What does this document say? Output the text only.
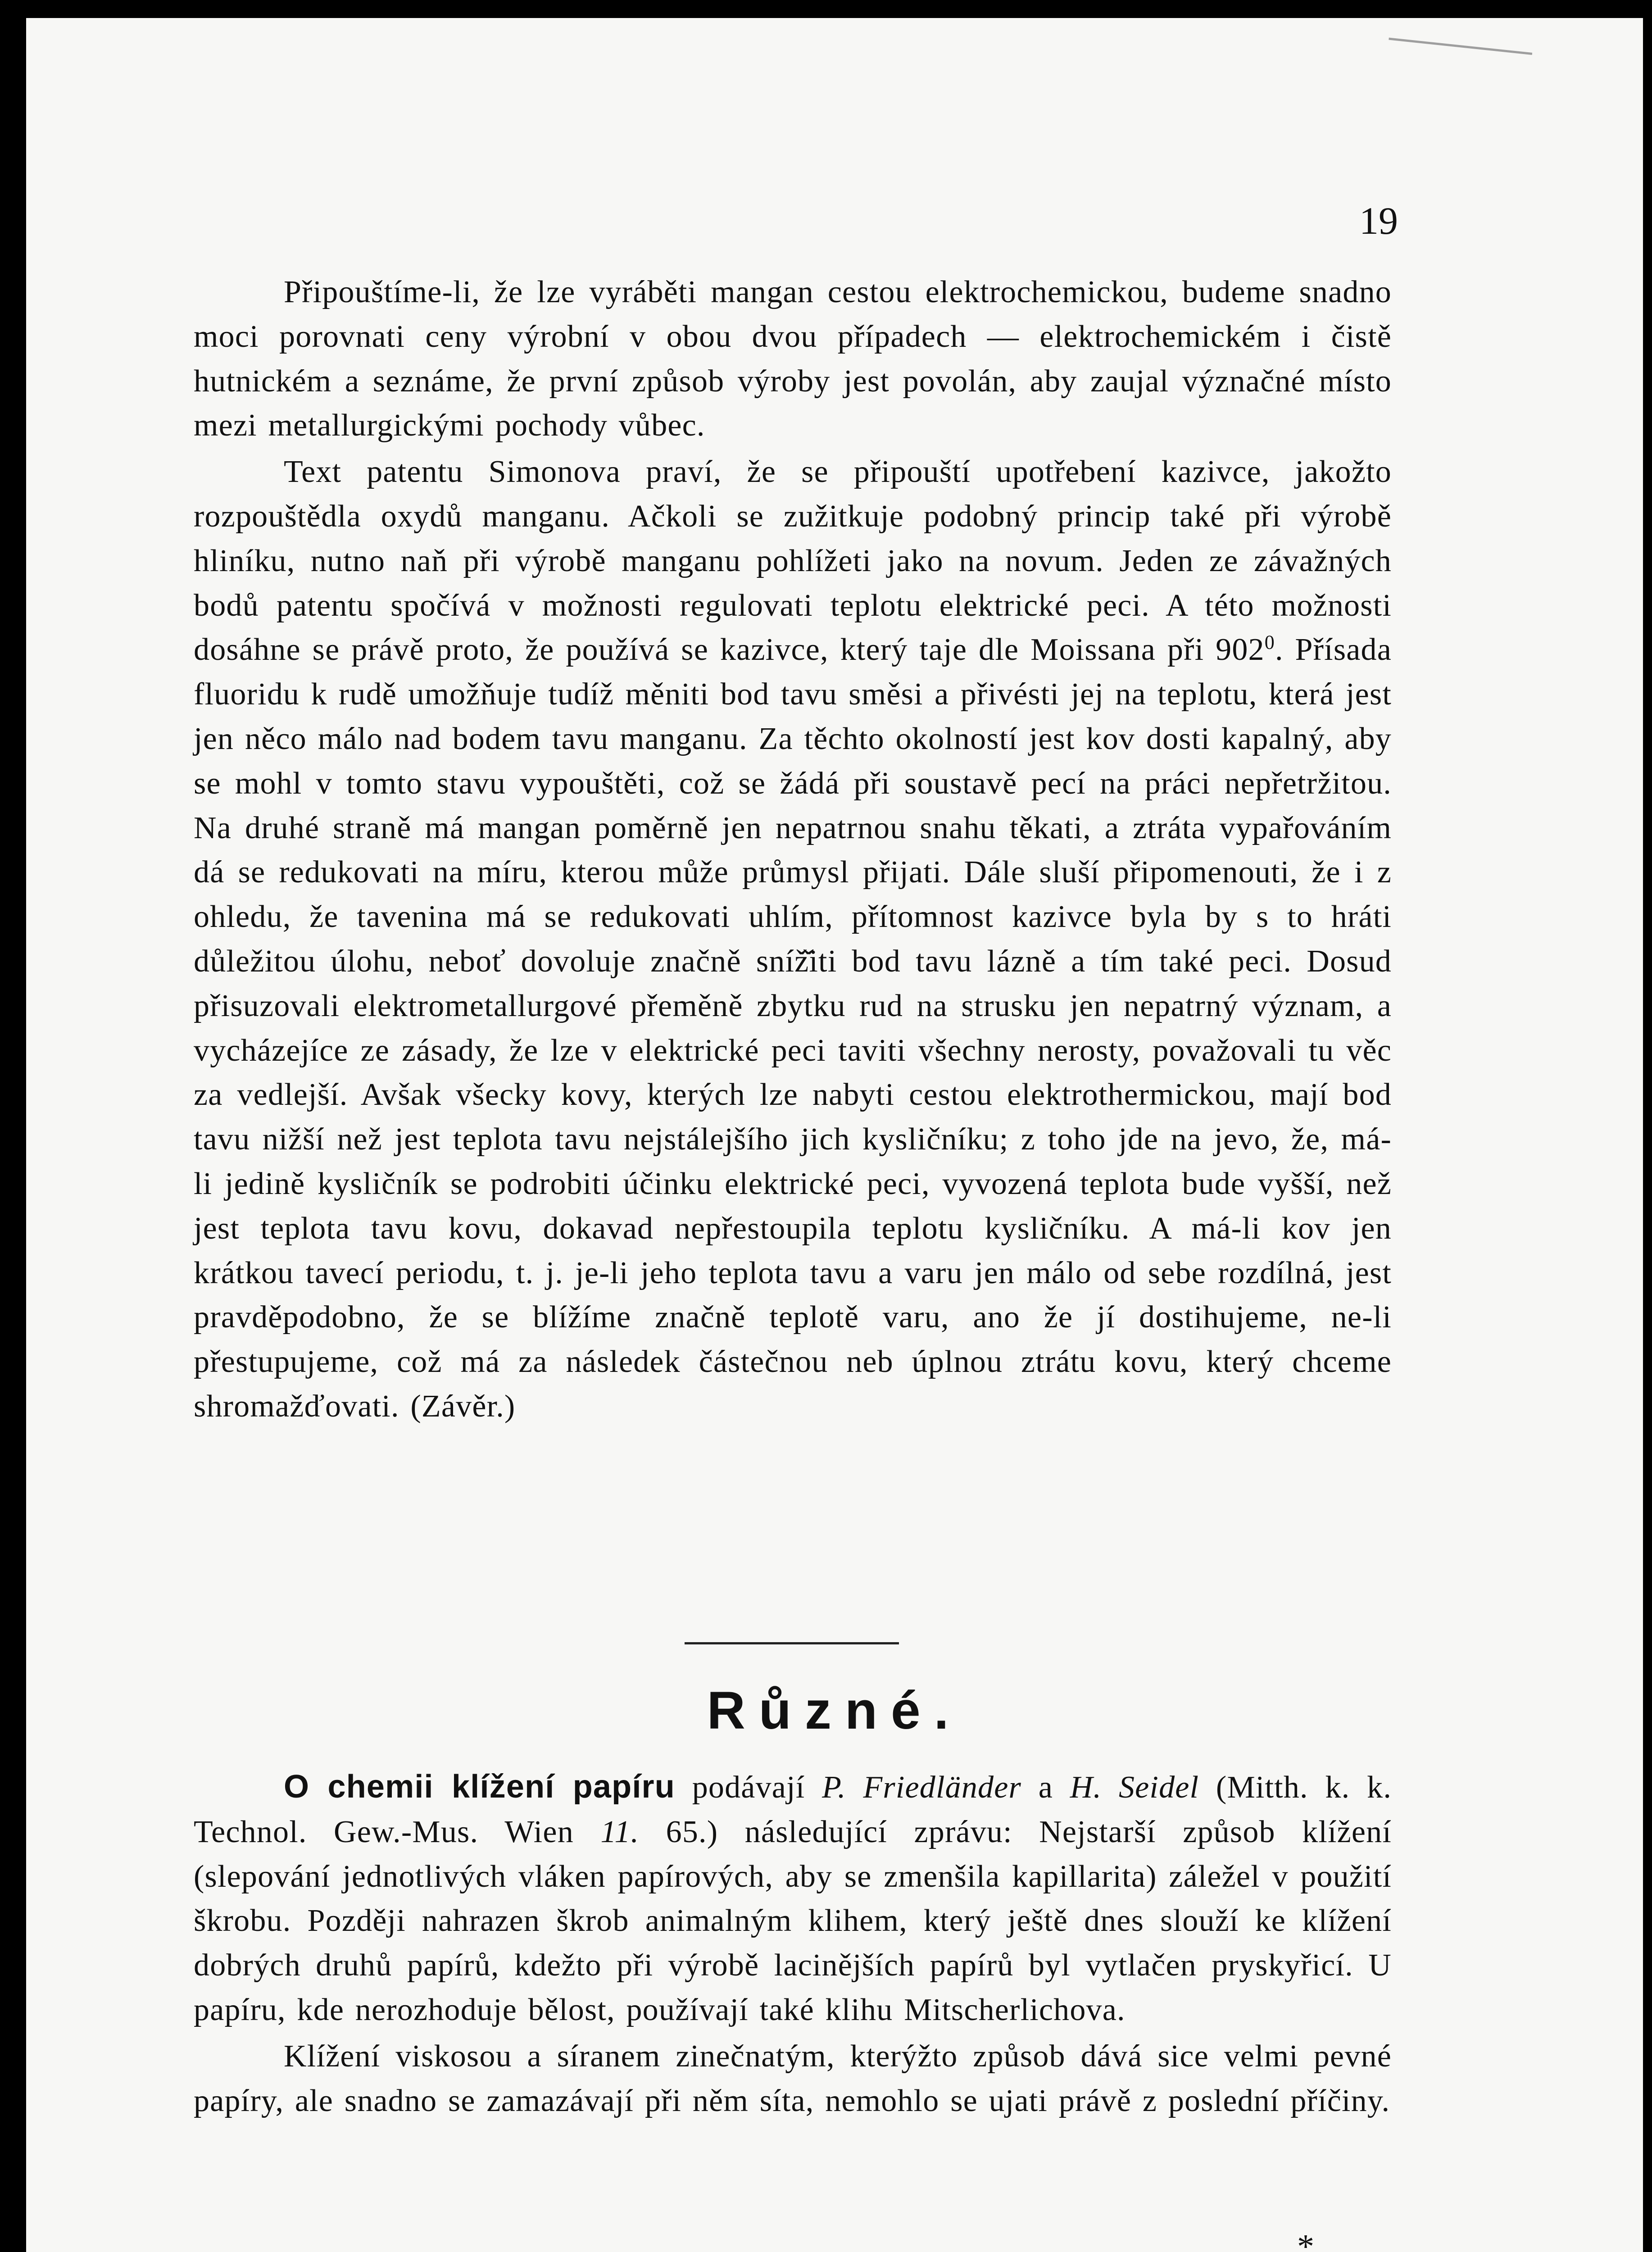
19

Připouštíme-li, že lze vyráběti mangan cestou elektrochemickou, budeme snadno moci porovnati ceny výrobní v obou dvou případech — elektrochemickém i čistě hutnickém a seznáme, že první způsob výroby jest povolán, aby zaujal význačné místo mezi metallurgickými pochody vůbec.

Text patentu Simonova praví, že se připouští upotřebení kazivce, jakožto rozpouštědla oxydů manganu. Ačkoli se zužitkuje podobný princip také při výrobě hliníku, nutno naň při výrobě manganu pohlížeti jako na novum. Jeden ze závažných bodů patentu spočívá v možnosti regulovati teplotu elektrické peci. A této možnosti dosáhne se právě proto, že používá se kazivce, který taje dle Moissana při $902^0$. Přísada fluoridu k rudě umožňuje tudíž měniti bod tavu směsi a přivésti jej na teplotu, která jest jen něco málo nad bodem tavu manganu. Za těchto okolností jest kov dosti kapalný, aby se mohl v tomto stavu vypouštěti, což se žádá při soustavě pecí na práci nepřetržitou. Na druhé straně má mangan poměrně jen nepatrnou snahu těkati, a ztráta vypařováním dá se redukovati na míru, kterou může průmysl přijati. Dále sluší připomenouti, že i z ohledu, že tavenina má se redukovati uhlím, přítomnost kazivce byla by s to hráti důležitou úlohu, neboť dovoluje značně sníž̌iti bod tavu lázně a tím také peci. Dosud přisuzovali elektrometallurgové přeměně zbytku rud na strusku jen nepatrný význam, a vycházejíce ze zásady, že lze v elektrické peci taviti všechny nerosty, považovali tu věc za vedlejší. Avšak všecky kovy, kterých lze nabyti cestou elektrothermickou, mají bod tavu nižší než jest teplota tavu nejstálejšího jich kysličníku; z toho jde na jevo, že, má-li jedině kysličník se podrobiti účinku elektrické peci, vyvozená teplota bude vyšší, než jest teplota tavu kovu, dokavad nepřestoupila teplotu kysličníku. A má-li kov jen krátkou tavecí periodu, t. j. je-li jeho teplota tavu a varu jen málo od sebe rozdílná, jest pravděpodobno, že se blížíme značně teplotě varu, ano že jí dostihujeme, ne-li přestupujeme, což má za následek částečnou neb úplnou ztrátu kovu, který chceme shromažďovati. (Závěr.)

Různé.

O chemii klížení papíru podávají P. Friedländer a H. Seidel (Mitth. k. k. Technol. Gew.-Mus. Wien 11. 65.) následující zprávu: Nejstarší způsob klížení (slepování jednotlivých vláken papírových, aby se zmenšila kapillarita) záležel v použití škrobu. Později nahrazen škrob animalným klihem, který ještě dnes slouží ke klížení dobrých druhů papírů, kdežto při výrobě lacinějších papírů byl vytlačen pryskyřicí. U papíru, kde nerozhoduje bělost, používají také klihu Mitscherlichova.

Klížení viskosou a síranem zinečnatým, kterýžto způsob dává sice velmi pevné papíry, ale snadno se zamazávají při něm síta, nemohlo se ujati právě z poslední příčiny.

*
